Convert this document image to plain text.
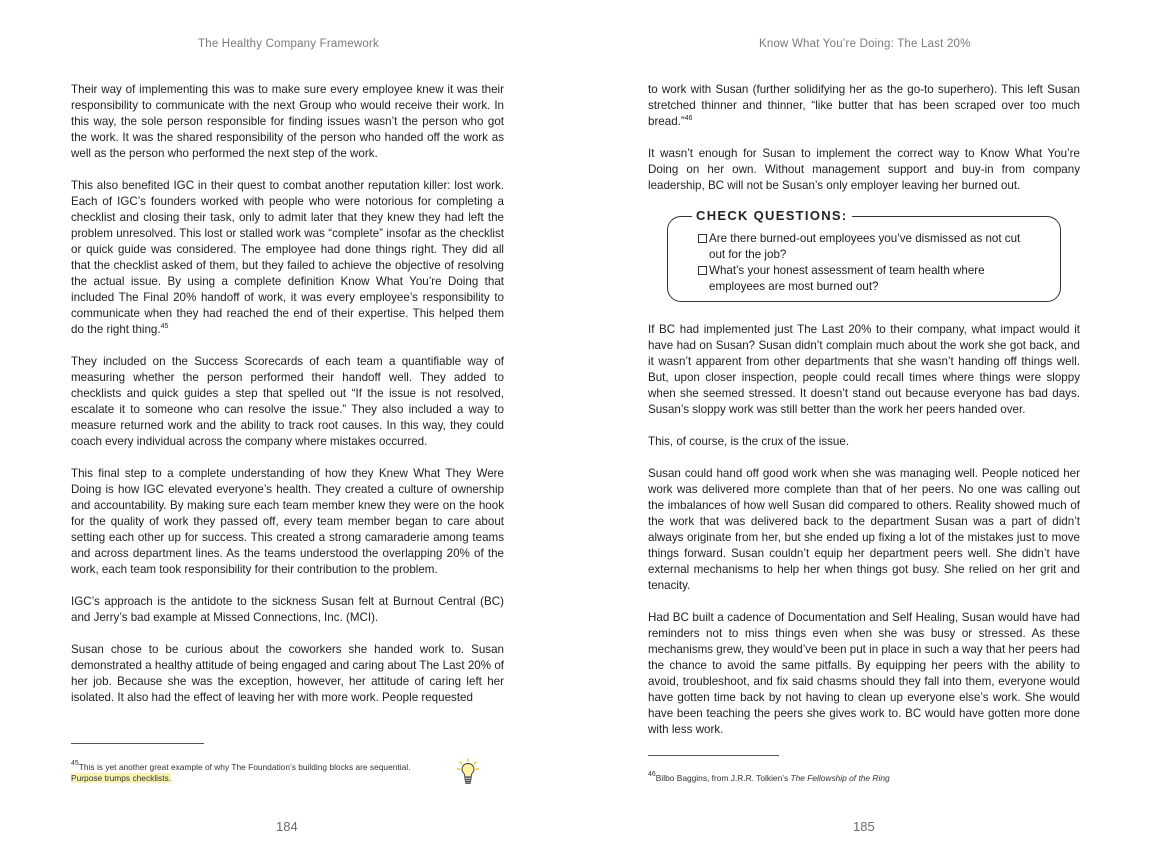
The Healthy Company Framework

Their way of implementing this was to make sure every employee knew it was their responsibility to communicate with the next Group who would receive their work. In this way, the sole person responsible for finding issues wasn’t the person who got the work. It was the shared responsibility of the person who handed off the work as well as the person who performed the next step of the work.

This also benefited IGC in their quest to combat another reputation killer: lost work. Each of IGC’s founders worked with people who were notorious for completing a checklist and closing their task, only to admit later that they knew they had left the problem unresolved. This lost or stalled work was “complete” insofar as the checklist or quick guide was considered. The employee had done things right. They did all that the checklist asked of them, but they failed to achieve the objective of resolving the actual issue. By using a complete definition Know What You’re Doing that included The Final 20% handoff of work, it was every employee’s responsibility to communicate when they had reached the end of their expertise. This helped them do the right thing.$^{45}$

They included on the Success Scorecards of each team a quantifiable way of measuring whether the person performed their handoff well. They added to checklists and quick guides a step that spelled out “If the issue is not resolved, escalate it to someone who can resolve the issue.” They also included a way to measure returned work and the ability to track root causes. In this way, they could coach every individual across the company where mistakes occurred.

This final step to a complete understanding of how they Knew What They Were Doing is how IGC elevated everyone’s health. They created a culture of ownership and accountability. By making sure each team member knew they were on the hook for the quality of work they passed off, every team member began to care about setting each other up for success. This created a strong camaraderie among teams and across department lines. As the teams understood the overlapping 20% of the work, each team took responsibility for their contribution to the problem.

IGC’s approach is the antidote to the sickness Susan felt at Burnout Central (BC) and Jerry’s bad example at Missed Connections, Inc. (MCI).

Susan chose to be curious about the coworkers she handed work to. Susan demonstrated a healthy attitude of being engaged and caring about The Last 20% of her job. Because she was the exception, however, her attitude of caring left her isolated. It also had the effect of leaving her with more work. People requested

$^{45}$This is yet another great example of why The Foundation’s building blocks are sequential.
Purpose trumps checklists.
184
Know What You’re Doing: The Last 20%

to work with Susan (further solidifying her as the go-to superhero). This left Susan stretched thinner and thinner, “like butter that has been scraped over too much bread.”$^{46}$

It wasn’t enough for Susan to implement the correct way to Know What You’re Doing on her own. Without management support and buy-in from company leadership, BC will not be Susan’s only employer leaving her burned out.

CHECK QUESTIONS:
Are there burned-out employees you’ve dismissed as not cut out for the job?
What’s your honest assessment of team health where employees are most burned out?

If BC had implemented just The Last 20% to their company, what impact would it have had on Susan? Susan didn’t complain much about the work she got back, and it wasn’t apparent from other departments that she wasn’t handing off things well. But, upon closer inspection, people could recall times where things were sloppy when she seemed stressed. It doesn’t stand out because everyone has bad days. Susan’s sloppy work was still better than the work her peers handed over.

This, of course, is the crux of the issue.

Susan could hand off good work when she was managing well. People noticed her work was delivered more complete than that of her peers. No one was calling out the imbalances of how well Susan did compared to others. Reality showed much of the work that was delivered back to the department Susan was a part of didn’t always originate from her, but she ended up fixing a lot of the mistakes just to move things forward. Susan couldn’t equip her department peers well. She didn’t have external mechanisms to help her when things got busy. She relied on her grit and tenacity.

Had BC built a cadence of Documentation and Self Healing, Susan would have had reminders not to miss things even when she was busy or stressed. As these mechanisms grew, they would’ve been put in place in such a way that her peers had the chance to avoid the same pitfalls. By equipping her peers with the ability to avoid, troubleshoot, and fix said chasms should they fall into them, everyone would have gotten time back by not having to clean up everyone else’s work. She would have been teaching the peers she gives work to. BC would have gotten more done with less work.

$^{46}$Bilbo Baggins, from J.R.R. Tolkien’s The Fellowship of the Ring
185
